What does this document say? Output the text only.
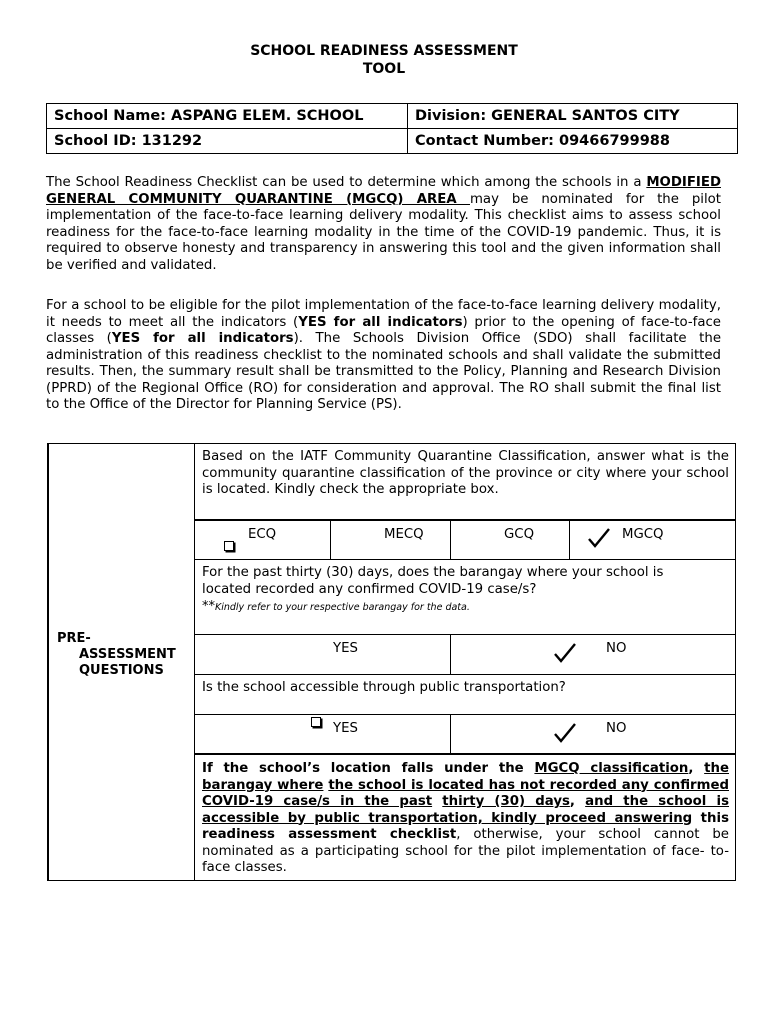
SCHOOL READINESS ASSESSMENT
TOOL
School Name: ASPANG ELEM. SCHOOL	Division: GENERAL SANTOS CITY
School ID: 131292	Contact Number: 09466799988

The School Readiness Checklist can be used to determine which among the schools in a MODIFIED GENERAL COMMUNITY QUARANTINE (MGCQ) AREA may be nominated for the pilot implementation of the face-to-face learning delivery modality. This checklist aims to assess school readiness for the face-to-face learning modality in the time of the COVID-19 pandemic. Thus, it is required to observe honesty and transparency in answering this tool and the given information shall be verified and validated.

For a school to be eligible for the pilot implementation of the face-to-face learning delivery modality, it needs to meet all the indicators (YES for all indicators) prior to the opening of face-to-face classes (YES for all indicators). The Schools Division Office (SDO) shall facilitate the administration of this readiness checklist to the nominated schools and shall validate the submitted results. Then, the summary result shall be transmitted to the Policy, Planning and Research Division (PPRD) of the Regional Office (RO) for consideration and approval. The RO shall submit the final list to the Office of the Director for Planning Service (PS).

PRE-
ASSESSMENT
QUESTIONS
Based on the IATF Community Quarantine Classification, answer what is the community quarantine classification of the province or city where your school is located. Kindly check the appropriate box.
ECQ	MECQ	GCQ	MGCQ
For the past thirty (30) days, does the barangay where your school is located recorded any confirmed COVID-19 case/s?
**Kindly refer to your respective barangay for the data.
YES	NO
Is the school accessible through public transportation?
YES	NO
If the school’s location falls under the MGCQ classification, the barangay where the school is located has not recorded any confirmed COVID-19 case/s in the past thirty (30) days, and the school is accessible by public transportation, kindly proceed answering this readiness assessment checklist, otherwise, your school cannot be nominated as a participating school for the pilot implementation of face- to-face classes.
